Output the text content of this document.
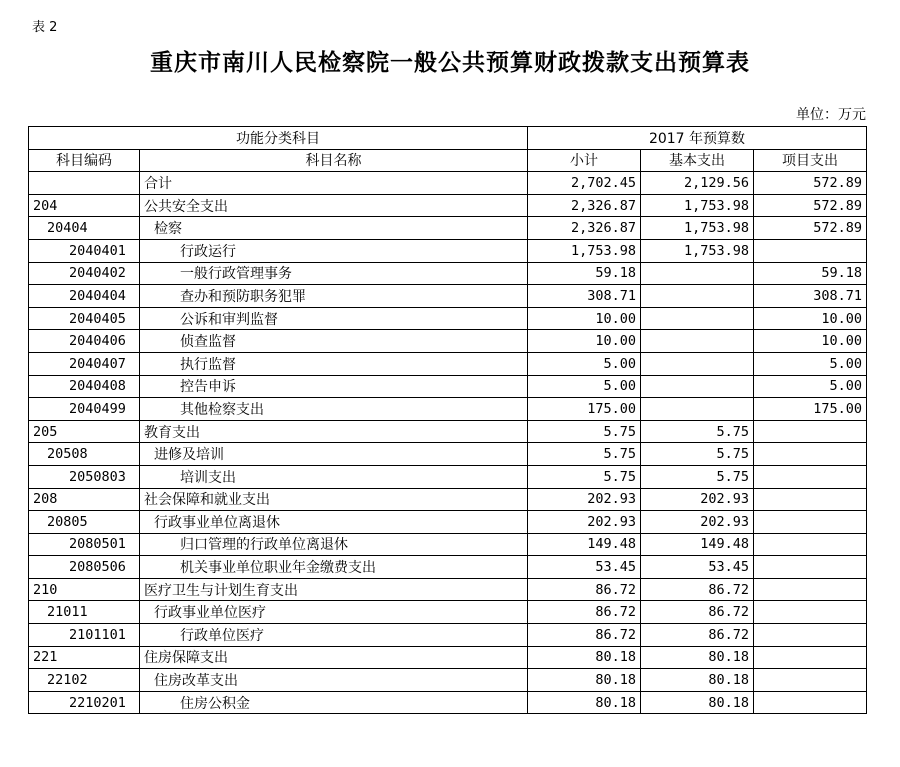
表 2
重庆市南川人民检察院一般公共预算财政拨款支出预算表
单位：万元
功能分类科目		2017 年预算数		
科目编码	科目名称	小计	基本支出	项目支出
	合计	2,702.45	2,129.56	572.89
204	公共安全支出	2,326.87	1,753.98	572.89
20404	检察	2,326.87	1,753.98	572.89
2040401	行政运行	1,753.98	1,753.98	
2040402	一般行政管理事务	59.18		59.18
2040404	查办和预防职务犯罪	308.71		308.71
2040405	公诉和审判监督	10.00		10.00
2040406	侦查监督	10.00		10.00
2040407	执行监督	5.00		5.00
2040408	控告申诉	5.00		5.00
2040499	其他检察支出	175.00		175.00
205	教育支出	5.75	5.75	
20508	进修及培训	5.75	5.75	
2050803	培训支出	5.75	5.75	
208	社会保障和就业支出	202.93	202.93	
20805	行政事业单位离退休	202.93	202.93	
2080501	归口管理的行政单位离退休	149.48	149.48	
2080506	机关事业单位职业年金缴费支出	53.45	53.45	
210	医疗卫生与计划生育支出	86.72	86.72	
21011	行政事业单位医疗	86.72	86.72	
2101101	行政单位医疗	86.72	86.72	
221	住房保障支出	80.18	80.18	
22102	住房改革支出	80.18	80.18	
2210201	住房公积金	80.18	80.18	
